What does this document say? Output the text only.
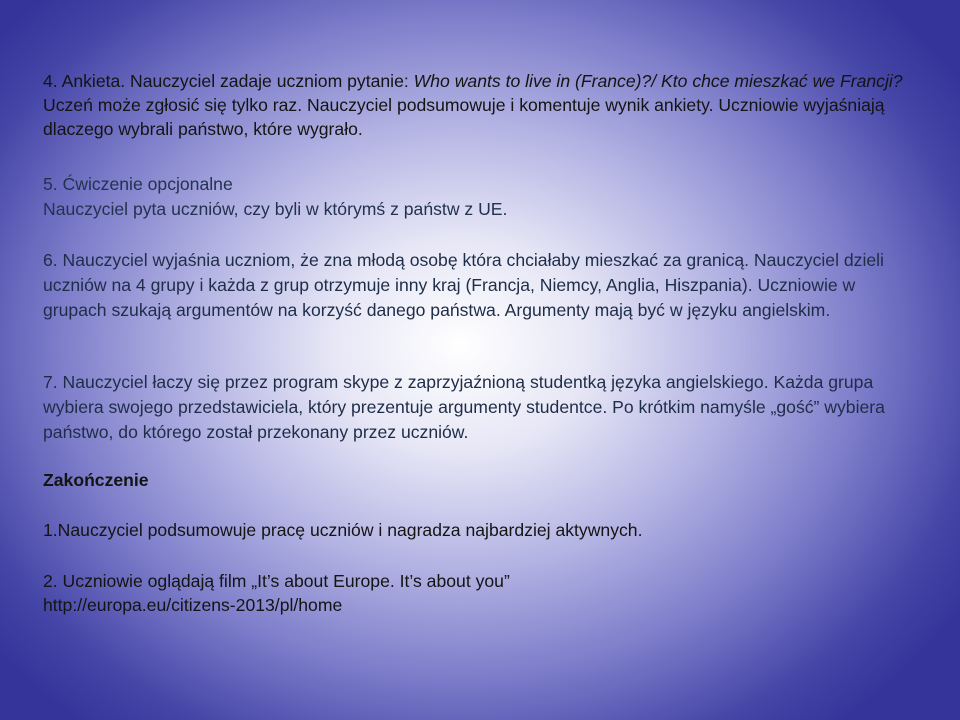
4. Ankieta. Nauczyciel zadaje uczniom pytanie: Who wants to live in (France)?/ Kto chce mieszkać we Francji? Uczeń może zgłosić się tylko raz. Nauczyciel podsumowuje i komentuje wynik ankiety. Uczniowie wyjaśniają dlaczego wybrali państwo, które wygrało.

5. Ćwiczenie opcjonalne

Nauczyciel pyta uczniów, czy byli w którymś z państw z UE.

6. Nauczyciel wyjaśnia uczniom, że zna młodą osobę która chciałaby mieszkać za granicą. Nauczyciel dzieli uczniów na 4 grupy i każda z grup otrzymuje inny kraj (Francja, Niemcy, Anglia, Hiszpania). Uczniowie w grupach szukają argumentów na korzyść danego państwa. Argumenty mają być w języku angielskim.

7. Nauczyciel łaczy się przez program skype z zaprzyjaźnioną studentką języka angielskiego. Każda grupa wybiera swojego przedstawiciela, który prezentuje argumenty studentce. Po krótkim namyśle „gość” wybiera państwo, do którego został przekonany przez uczniów.

Zakończenie

1.Nauczyciel podsumowuje pracę uczniów i nagradza najbardziej aktywnych.

2. Uczniowie oglądają film „It’s about Europe. It’s about you”

http://europa.eu/citizens-2013/pl/home
